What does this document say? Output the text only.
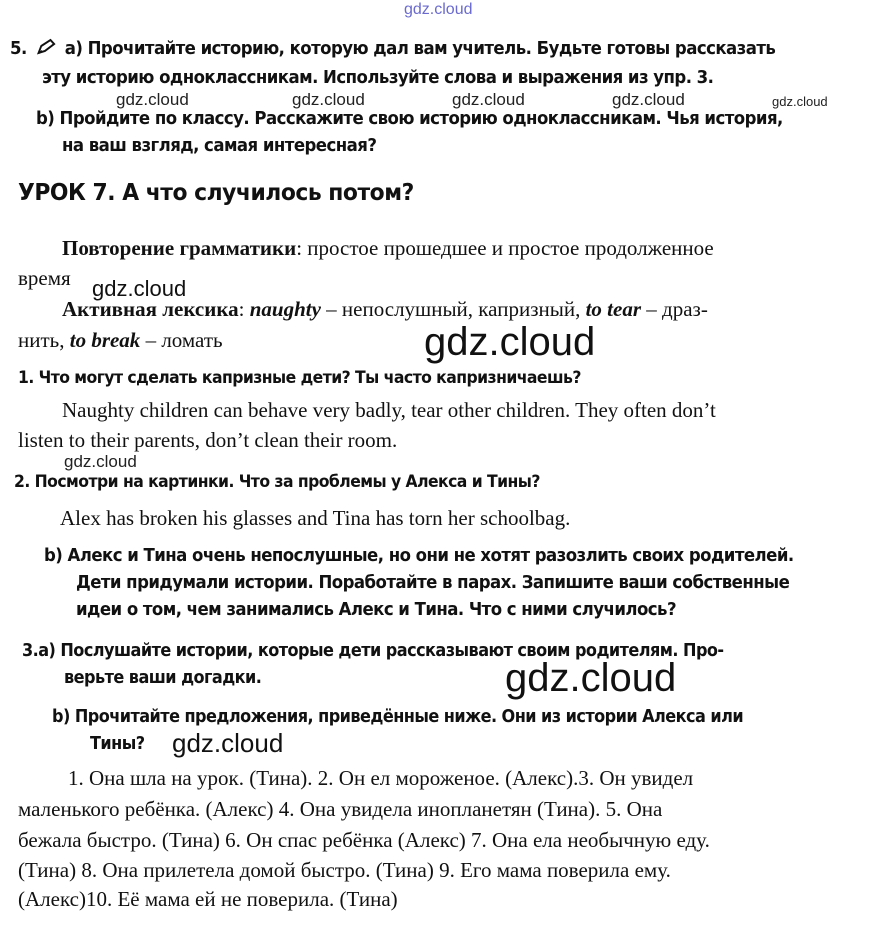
gdz.cloud
gdz.cloud	gdz.cloud	gdz.cloud	gdz.cloud	gdz.cloud
5. a) Прочитайте историю, которую дал вам учитель. Будьте готовы рассказать
эту историю одноклассникам. Используйте слова и выражения из упр. 3.
b) Пройдите по классу. Расскажите свою историю одноклассникам. Чья история,
на ваш взгляд, самая интересная?
УРОК 7. А что случилось потом?
Повторение грамматики: простое прошедшее и простое продолженное
время gdz.cloud
Активная лексика: naughty – непослушный, капризный, to tear – драз-
нить, to break – ломать	gdz.cloud
1. Что могут сделать капризные дети? Ты часто капризничаешь?
Naughty children can behave very badly, tear other children. They often don’t
listen to their parents, don’t clean their room.
gdz.cloud
2. Посмотри на картинки. Что за проблемы у Алекса и Тины?
Alex has broken his glasses and Tina has torn her schoolbag.
b) Алекс и Тина очень непослушные, но они не хотят разозлить своих родителей.
Дети придумали истории. Поработайте в парах. Запишите ваши собственные
идеи о том, чем занимались Алекс и Тина. Что с ними случилось?
3.a) Послушайте истории, которые дети рассказывают своим родителям. Про-
верьте ваши догадки.	gdz.cloud
b) Прочитайте предложения, приведённые ниже. Они из истории Алекса или
Тины? gdz.cloud
1. Она шла на урок. (Тина). 2. Он ел мороженое. (Алекс).3. Он увидел
маленького ребёнка. (Алекс) 4. Она увидела инопланетян (Тина). 5. Она
бежала быстро. (Тина) 6. Он спас ребёнка (Алекс) 7. Она ела необычную еду.
(Тина) 8. Она прилетела домой быстро. (Тина) 9. Его мама поверила ему.
(Алекс)10. Её мама ей не поверила. (Тина)
